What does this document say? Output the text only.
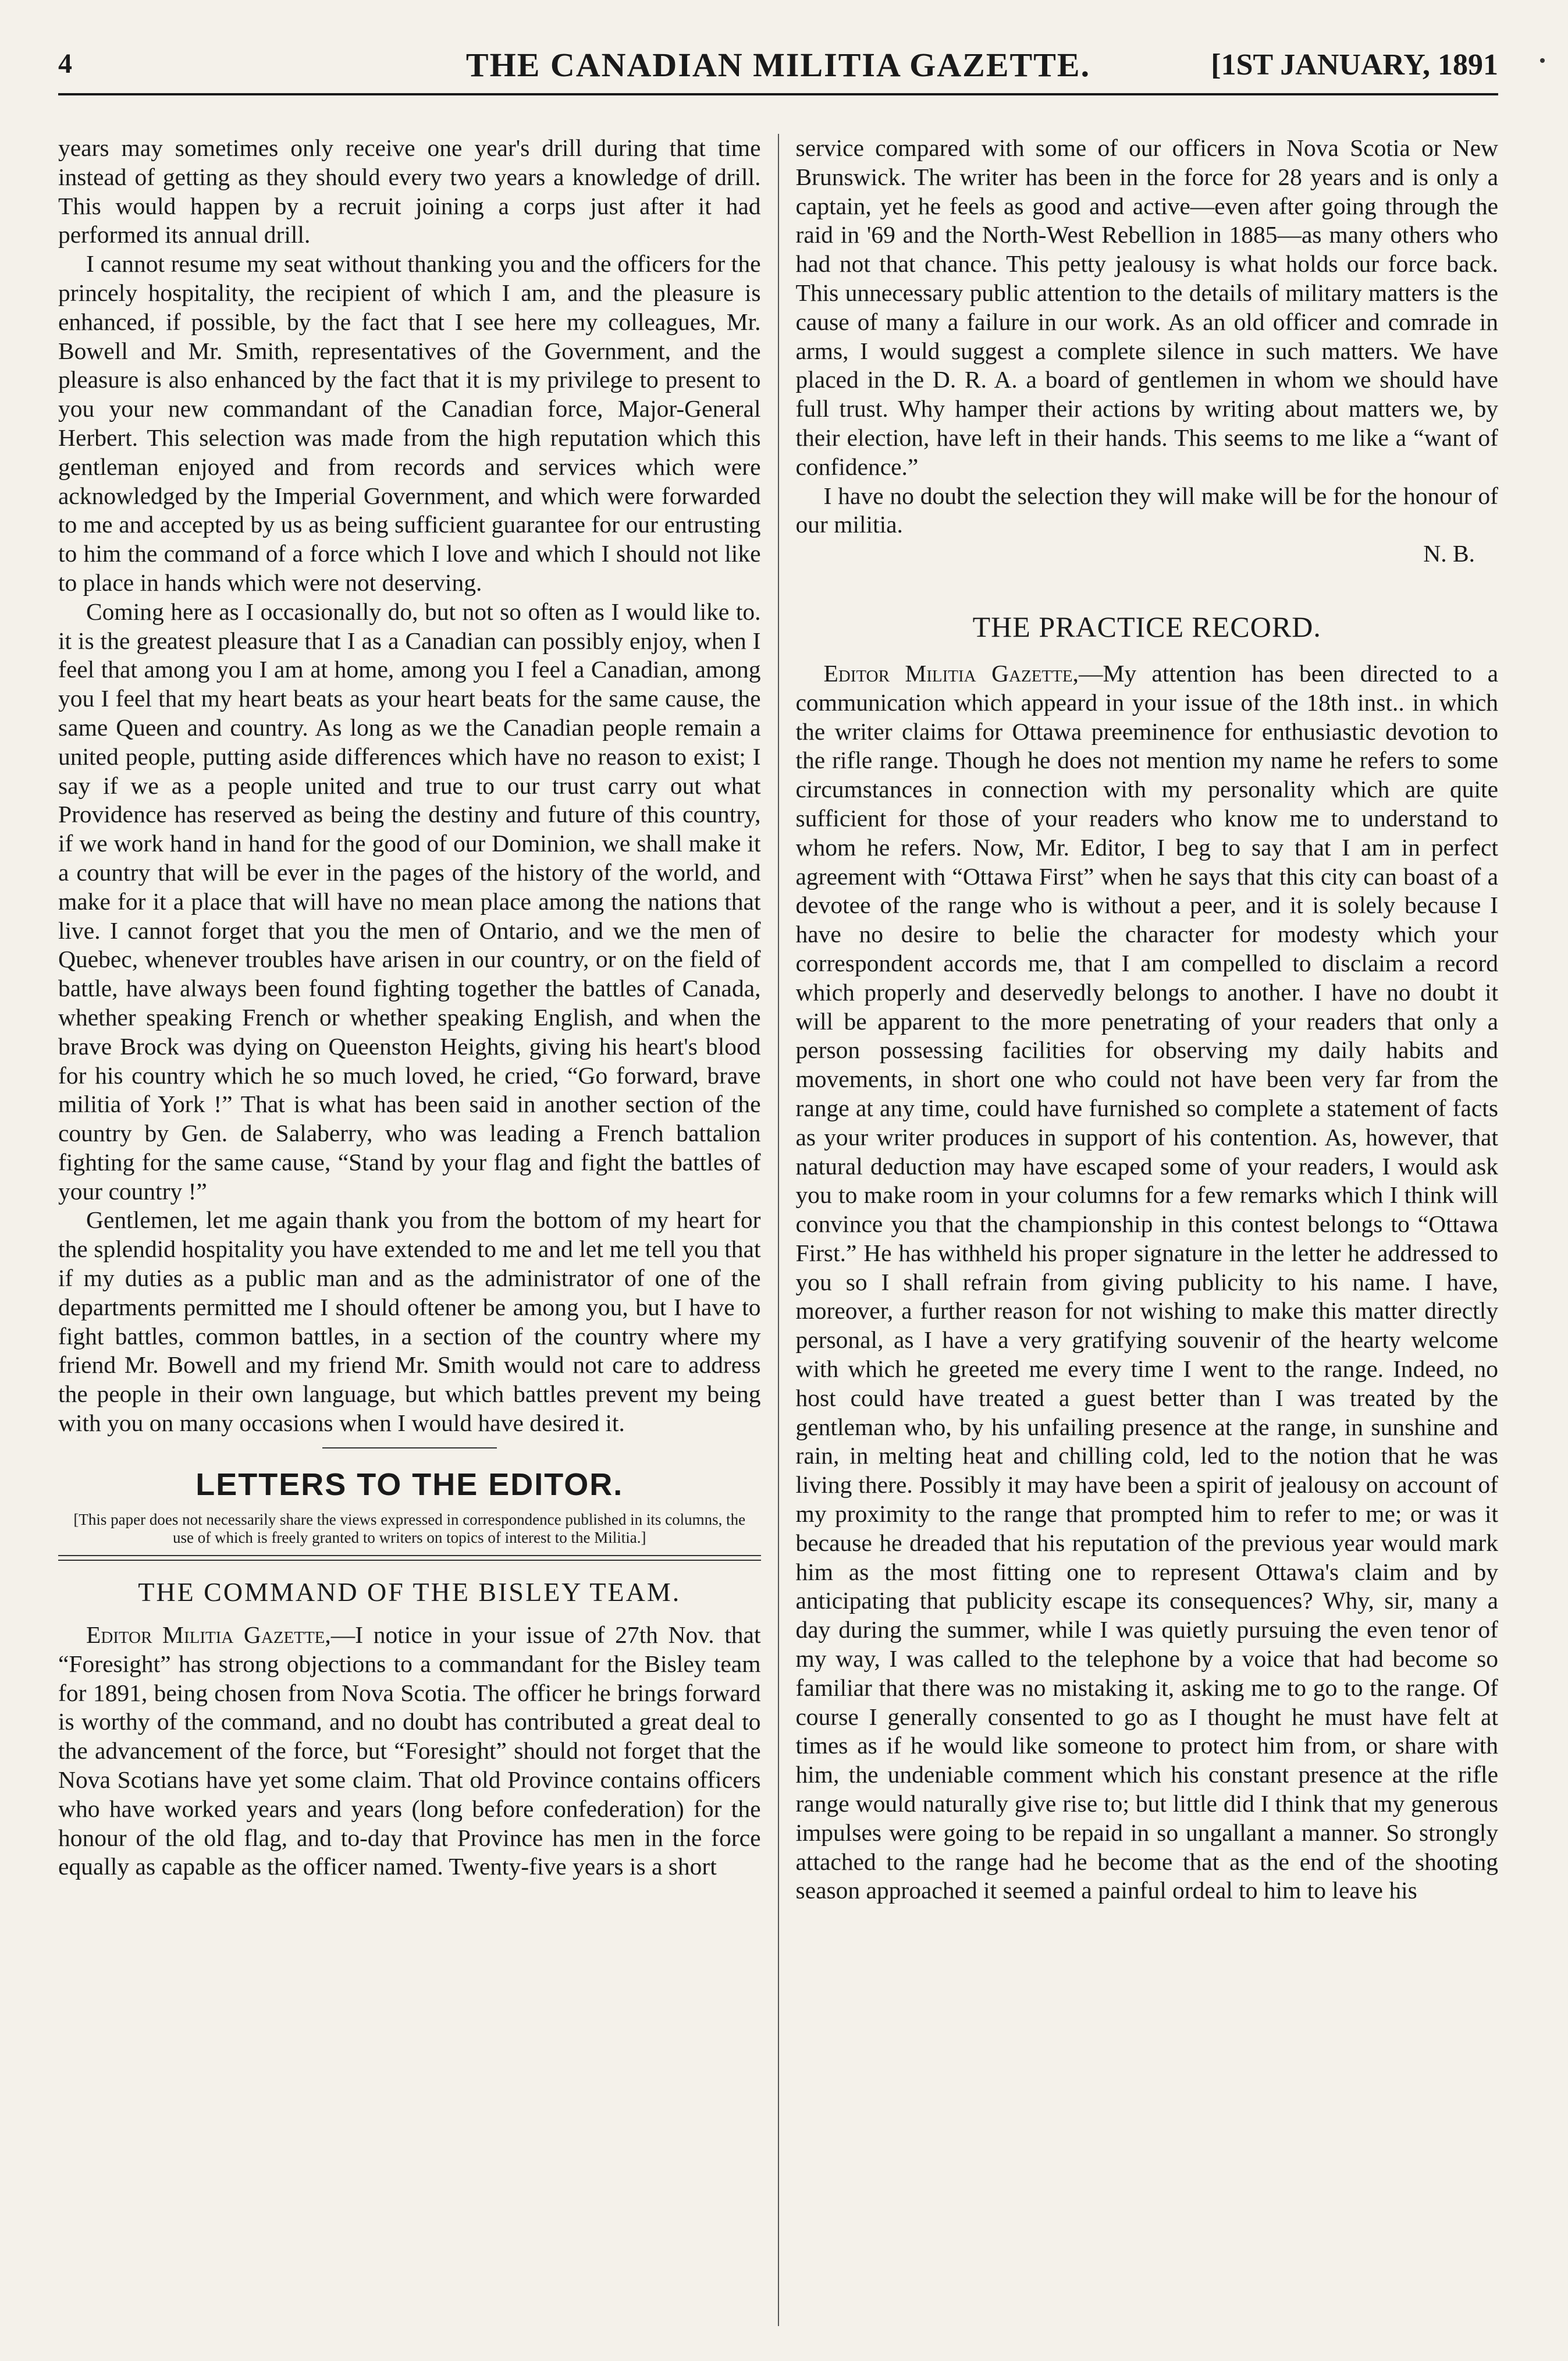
4	THE CANADIAN MILITIA GAZETTE.	[1ST JANUARY, 1891

years may sometimes only receive one year's drill during that time instead of getting as they should every two years a knowledge of drill. This would happen by a recruit joining a corps just after it had performed its annual drill.

I cannot resume my seat without thanking you and the officers for the princely hospitality, the recipient of which I am, and the pleasure is enhanced, if possible, by the fact that I see here my colleagues, Mr. Bowell and Mr. Smith, representatives of the Government, and the pleasure is also enhanced by the fact that it is my privilege to present to you your new commandant of the Canadian force, Major-General Herbert. This selection was made from the high reputation which this gentleman enjoyed and from records and services which were acknowledged by the Imperial Government, and which were forwarded to me and accepted by us as being sufficient guarantee for our entrusting to him the command of a force which I love and which I should not like to place in hands which were not deserving.

Coming here as I occasionally do, but not so often as I would like to. it is the greatest pleasure that I as a Canadian can possibly enjoy, when I feel that among you I am at home, among you I feel a Canadian, among you I feel that my heart beats as your heart beats for the same cause, the same Queen and country. As long as we the Canadian people remain a united people, putting aside differences which have no reason to exist; I say if we as a people united and true to our trust carry out what Providence has reserved as being the destiny and future of this country, if we work hand in hand for the good of our Dominion, we shall make it a country that will be ever in the pages of the history of the world, and make for it a place that will have no mean place among the nations that live. I cannot forget that you the men of Ontario, and we the men of Quebec, whenever troubles have arisen in our country, or on the field of battle, have always been found fighting together the battles of Canada, whether speaking French or whether speaking English, and when the brave Brock was dying on Queenston Heights, giving his heart's blood for his country which he so much loved, he cried, “Go forward, brave militia of York !” That is what has been said in another section of the country by Gen. de Salaberry, who was leading a French battalion fighting for the same cause, “Stand by your flag and fight the battles of your country !”

Gentlemen, let me again thank you from the bottom of my heart for the splendid hospitality you have extended to me and let me tell you that if my duties as a public man and as the administrator of one of the departments permitted me I should oftener be among you, but I have to fight battles, common battles, in a section of the country where my friend Mr. Bowell and my friend Mr. Smith would not care to address the people in their own language, but which battles prevent my being with you on many occasions when I would have desired it.

LETTERS TO THE EDITOR.
[This paper does not necessarily share the views expressed in correspondence published in its columns, the use of which is freely granted to writers on topics of interest to the Militia.]
THE COMMAND OF THE BISLEY TEAM.

Editor Militia Gazette,—I notice in your issue of 27th Nov. that “Foresight” has strong objections to a commandant for the Bisley team for 1891, being chosen from Nova Scotia. The officer he brings forward is worthy of the command, and no doubt has contributed a great deal to the advancement of the force, but “Foresight” should not forget that the Nova Scotians have yet some claim. That old Province contains officers who have worked years and years (long before confederation) for the honour of the old flag, and to-day that Province has men in the force equally as capable as the officer named. Twenty-five years is a short

service compared with some of our officers in Nova Scotia or New Brunswick. The writer has been in the force for 28 years and is only a captain, yet he feels as good and active—even after going through the raid in '69 and the North-West Rebellion in 1885—as many others who had not that chance. This petty jealousy is what holds our force back. This unnecessary public attention to the details of military matters is the cause of many a failure in our work. As an old officer and comrade in arms, I would suggest a complete silence in such matters. We have placed in the D. R. A. a board of gentlemen in whom we should have full trust. Why hamper their actions by writing about matters we, by their election, have left in their hands. This seems to me like a “want of confidence.”

I have no doubt the selection they will make will be for the honour of our militia.

N. B.
THE PRACTICE RECORD.

Editor Militia Gazette,—My attention has been directed to a communication which appeard in your issue of the 18th inst.. in which the writer claims for Ottawa preeminence for enthusiastic devotion to the rifle range. Though he does not mention my name he refers to some circumstances in connection with my personality which are quite sufficient for those of your readers who know me to understand to whom he refers. Now, Mr. Editor, I beg to say that I am in perfect agreement with “Ottawa First” when he says that this city can boast of a devotee of the range who is without a peer, and it is solely because I have no desire to belie the character for modesty which your correspondent accords me, that I am compelled to disclaim a record which properly and deservedly belongs to another. I have no doubt it will be apparent to the more penetrating of your readers that only a person possessing facilities for observing my daily habits and movements, in short one who could not have been very far from the range at any time, could have furnished so complete a statement of facts as your writer produces in support of his contention. As, however, that natural deduction may have escaped some of your readers, I would ask you to make room in your columns for a few remarks which I think will convince you that the championship in this contest belongs to “Ottawa First.” He has withheld his proper signature in the letter he addressed to you so I shall refrain from giving publicity to his name. I have, moreover, a further reason for not wishing to make this matter directly personal, as I have a very gratifying souvenir of the hearty welcome with which he greeted me every time I went to the range. Indeed, no host could have treated a guest better than I was treated by the gentleman who, by his unfailing presence at the range, in sunshine and rain, in melting heat and chilling cold, led to the notion that he was living there. Possibly it may have been a spirit of jealousy on account of my proximity to the range that prompted him to refer to me; or was it because he dreaded that his reputation of the previous year would mark him as the most fitting one to represent Ottawa's claim and by anticipating that publicity escape its consequences? Why, sir, many a day during the summer, while I was quietly pursuing the even tenor of my way, I was called to the telephone by a voice that had become so familiar that there was no mistaking it, asking me to go to the range. Of course I generally consented to go as I thought he must have felt at times as if he would like someone to protect him from, or share with him, the undeniable comment which his constant presence at the rifle range would naturally give rise to; but little did I think that my generous impulses were going to be repaid in so ungallant a manner. So strongly attached to the range had he become that as the end of the shooting season approached it seemed a painful ordeal to him to leave his
